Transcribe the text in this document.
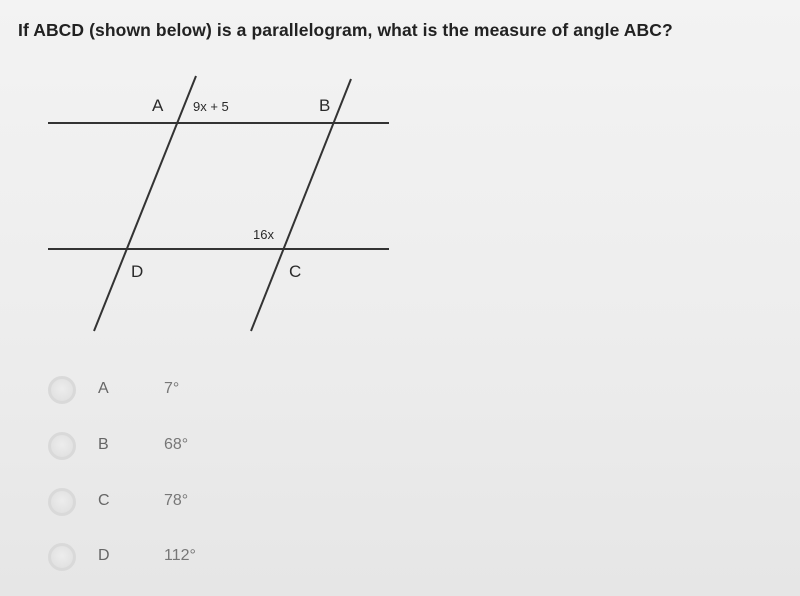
If ABCD (shown below) is a parallelogram, what is the measure of angle ABC?
A	B
D	C
9x + 5
16x
A	7°
B	68°
C	78°
D	112°
